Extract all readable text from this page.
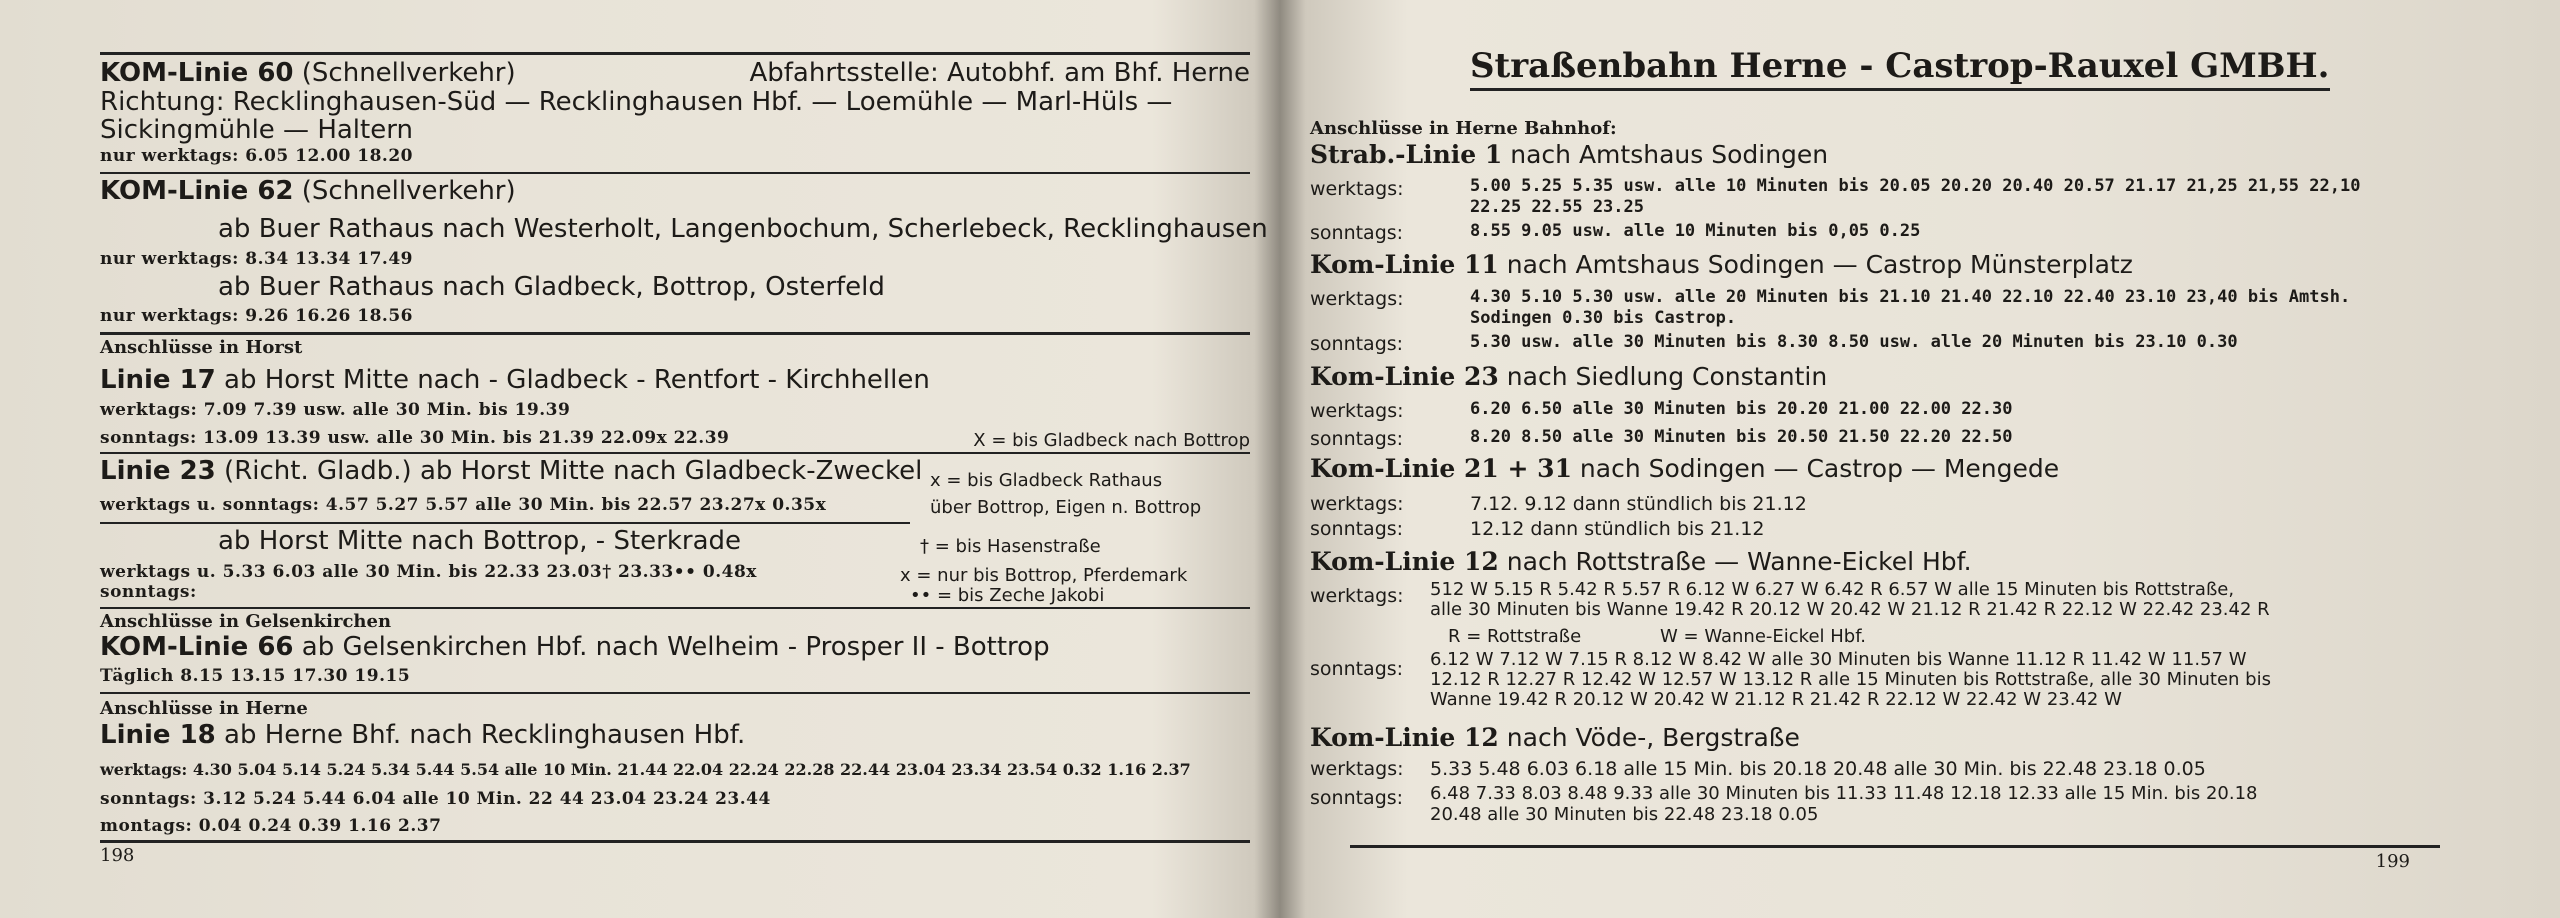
KOM-Linie 60 (Schnellverkehr)	Abfahrtsstelle: Autobhf. am Bhf. Herne
Richtung: Recklinghausen-Süd — Recklinghausen Hbf. — Loemühle — Marl-Hüls —
Sickingmühle — Haltern
nur werktags: 6.05 12.00 18.20
KOM-Linie 62 (Schnellverkehr)
ab Buer Rathaus nach Westerholt, Langenbochum, Scherlebeck, Recklinghausen
nur werktags: 8.34 13.34 17.49
ab Buer Rathaus nach Gladbeck, Bottrop, Osterfeld
nur werktags: 9.26 16.26 18.56
Anschlüsse in Horst
Linie 17 ab Horst Mitte nach - Gladbeck - Rentfort - Kirchhellen
werktags: 7.09 7.39 usw. alle 30 Min. bis 19.39
sonntags: 13.09 13.39 usw. alle 30 Min. bis 21.39 22.09x 22.39	X = bis Gladbeck nach Bottrop
Linie 23 (Richt. Gladb.) ab Horst Mitte nach Gladbeck-Zweckel x = bis Gladbeck Rathaus
werktags u. sonntags: 4.57 5.27 5.57 alle 30 Min. bis 22.57 23.27x 0.35x	über Bottrop, Eigen n. Bottrop
ab Horst Mitte nach Bottrop, - Sterkrade	† = bis Hasenstraße
werktags u. 5.33 6.03 alle 30 Min. bis 22.33 23.03† 23.33•• 0.48x	x = nur bis Bottrop, Pferdemark
sonntags:	•• = bis Zeche Jakobi
Anschlüsse in Gelsenkirchen
KOM-Linie 66 ab Gelsenkirchen Hbf. nach Welheim - Prosper II - Bottrop
Täglich 8.15 13.15 17.30 19.15
Anschlüsse in Herne
Linie 18 ab Herne Bhf. nach Recklinghausen Hbf.
werktags: 4.30 5.04 5.14 5.24 5.34 5.44 5.54 alle 10 Min. 21.44 22.04 22.24 22.28 22.44 23.04 23.34 23.54 0.32 1.16 2.37
sonntags: 3.12 5.24 5.44 6.04 alle 10 Min. 22 44 23.04 23.24 23.44
montags: 0.04 0.24 0.39 1.16 2.37
198
Straßenbahn Herne - Castrop-Rauxel GMBH.
Anschlüsse in Herne Bahnhof:
Strab.-Linie 1 nach Amtshaus Sodingen
werktags:	5.00 5.25 5.35 usw. alle 10 Minuten bis 20.05 20.20 20.40 20.57 21.17 21,25 21,55 22,10
22.25 22.55 23.25
sonntags:	8.55 9.05 usw. alle 10 Minuten bis 0,05 0.25
Kom-Linie 11 nach Amtshaus Sodingen — Castrop Münsterplatz
werktags:	4.30 5.10 5.30 usw. alle 20 Minuten bis 21.10 21.40 22.10 22.40 23.10 23,40 bis Amtsh.
Sodingen 0.30 bis Castrop.
sonntags:	5.30 usw. alle 30 Minuten bis 8.30 8.50 usw. alle 20 Minuten bis 23.10 0.30
Kom-Linie 23 nach Siedlung Constantin
werktags:	6.20 6.50 alle 30 Minuten bis 20.20 21.00 22.00 22.30
sonntags:	8.20 8.50 alle 30 Minuten bis 20.50 21.50 22.20 22.50
Kom-Linie 21 + 31 nach Sodingen — Castrop — Mengede
werktags:	7.12. 9.12 dann stündlich bis 21.12
sonntags:	12.12 dann stündlich bis 21.12
Kom-Linie 12 nach Rottstraße — Wanne-Eickel Hbf.
werktags: 512 W 5.15 R 5.42 R 5.57 R 6.12 W 6.27 W 6.42 R 6.57 W alle 15 Minuten bis Rottstraße,
alle 30 Minuten bis Wanne 19.42 R 20.12 W 20.42 W 21.12 R 21.42 R 22.12 W 22.42 23.42 R
R = Rottstraße	W = Wanne-Eickel Hbf.
sonntags: 6.12 W 7.12 W 7.15 R 8.12 W 8.42 W alle 30 Minuten bis Wanne 11.12 R 11.42 W 11.57 W
12.12 R 12.27 R 12.42 W 12.57 W 13.12 R alle 15 Minuten bis Rottstraße, alle 30 Minuten bis
Wanne 19.42 R 20.12 W 20.42 W 21.12 R 21.42 R 22.12 W 22.42 W 23.42 W
Kom-Linie 12 nach Vöde-, Bergstraße
werktags: 5.33 5.48 6.03 6.18 alle 15 Min. bis 20.18 20.48 alle 30 Min. bis 22.48 23.18 0.05
sonntags: 6.48 7.33 8.03 8.48 9.33 alle 30 Minuten bis 11.33 11.48 12.18 12.33 alle 15 Min. bis 20.18
20.48 alle 30 Minuten bis 22.48 23.18 0.05
199
